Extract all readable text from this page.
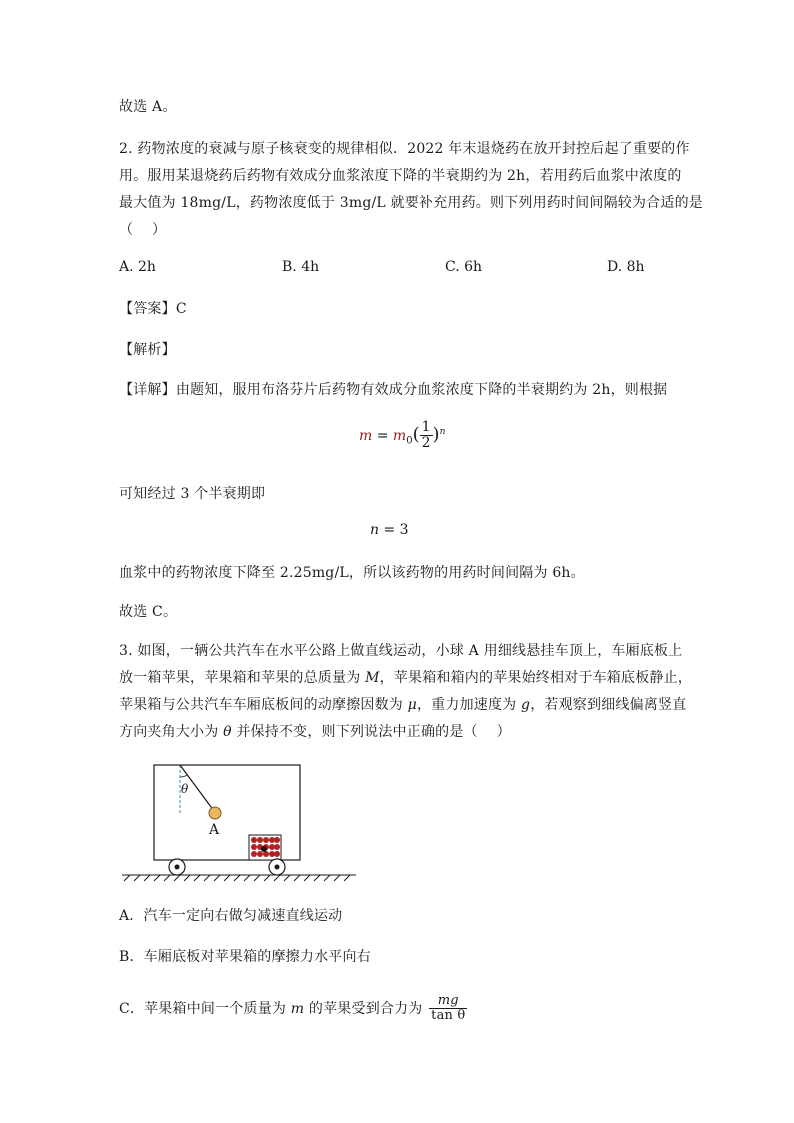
故选 A。
2. 药物浓度的衰减与原子核衰变的规律相似．2022 年末退烧药在放开封控后起了重要的作
用。服用某退烧药后药物有效成分血浆浓度下降的半衰期约为 2h，若用药后血浆中浓度的
最大值为 18mg/L，药物浓度低于 3mg/L 就要补充用药。则下列用药时间间隔较为合适的是
（　 ）
A. 2h	B. 4h	C. 6h	D. 8h
【答案】C
【解析】
【详解】由题知，服用布洛芬片后药物有效成分血浆浓度下降的半衰期约为 2h，则根据
$m = m_0( \frac{1}{2} )^n$
可知经过 3 个半衰期即
n = 3
血浆中的药物浓度下降至 2.25mg/L，所以该药物的用药时间间隔为 6h。
故选 C。
3. 如图，一辆公共汽车在水平公路上做直线运动，小球 A 用细线悬挂车顶上，车厢底板上
放一箱苹果，苹果箱和苹果的总质量为 M，苹果箱和箱内的苹果始终相对于车箱底板静止，
苹果箱与公共汽车车厢底板间的动摩擦因数为 μ，重力加速度为 g，若观察到细线偏离竖直
方向夹角大小为 θ 并保持不变，则下列说法中正确的是（　 ）
θ
A
A．汽车一定向右做匀减速直线运动
B．车厢底板对苹果箱的摩擦力水平向右
C．苹果箱中间一个质量为 m 的苹果受到合力为 $\frac{mg}{\text{tan θ}}$
